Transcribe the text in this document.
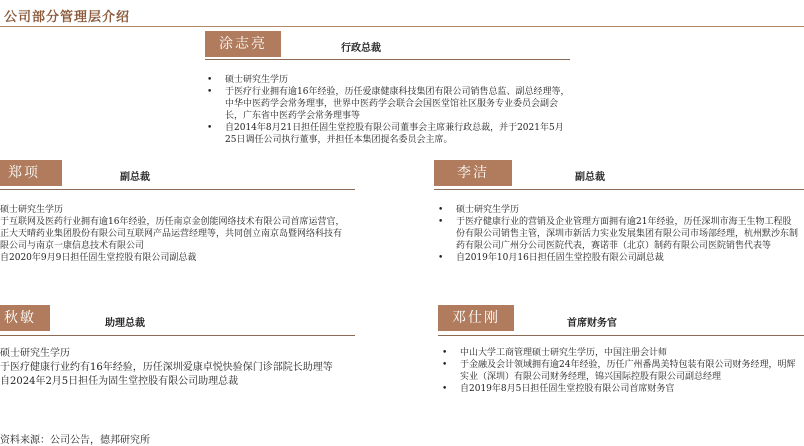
公司部分管理层介绍
涂志亮	行政总裁
• 硕士研究生学历
• 于医疗行业拥有逾16年经验，历任爱康健康科技集团有限公司销售总监、副总经理等，中华中医药学会常务理事，世界中医药学会联合会国医堂馆社区服务专业委员会副会长，广东省中医药学会常务理事等
• 自2014年8月21日担任固生堂控股有限公司董事会主席兼行政总裁，并于2021年5月25日调任公司执行董事，并担任本集团提名委员会主席。
郑项	副总裁
硕士研究生学历
于互联网及医药行业拥有逾16年经验，历任南京金创能网络技术有限公司首席运营官，正大天晴药业集团股份有限公司互联网产品运营经理等，共同创立南京岛暨网络科技有限公司与南京一康信息技术有限公司
自2020年9月9日担任固生堂控股有限公司副总裁
李洁	副总裁
• 硕士研究生学历
• 于医疗健康行业的营销及企业管理方面拥有逾21年经验，历任深圳市海王生物工程股份有限公司销售主管，深圳市新活力实业发展集团有限公司市场部经理，杭州默沙东制药有限公司广州分公司医院代表，赛诺菲（北京）制药有限公司医院销售代表等
• 自2019年10月16日担任固生堂控股有限公司副总裁
秋敏	助理总裁
硕士研究生学历
于医疗健康行业约有16年经验，历任深圳爱康卓悦快验保门诊部院长助理等
自2024年2月5日担任为固生堂控股有限公司助理总裁
邓仕刚	首席财务官
• 中山大学工商管理硕士研究生学历，中国注册会计师
• 于金融及会计领域拥有逾24年经验，历任广州番禺美特包装有限公司财务经理，明辉实业（深圳）有限公司财务经理，锦兴国际控股有限公司副总经理
• 自2019年8月5日担任固生堂控股有限公司首席财务官
资料来源：公司公告，德邦研究所
